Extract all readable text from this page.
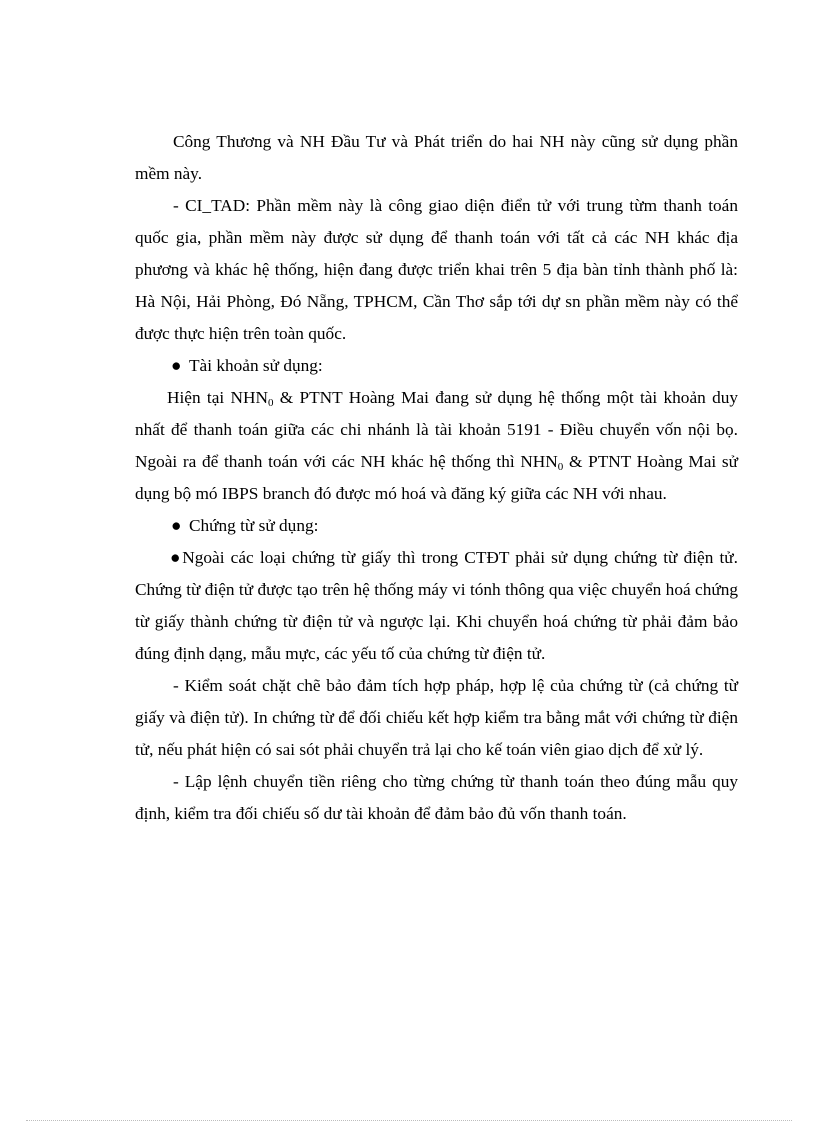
Công Thương và NH Đầu Tư và Phát triển do hai NH này cũng sử dụng phần mềm này.

- CI_TAD: Phần mềm này là công giao diện điển tử với trung từm thanh toán quốc gia, phần mềm này được sử dụng để thanh toán với tất cả các NH khác địa phương và khác hệ thống, hiện đang được triển khai trên 5 địa bàn tỉnh thành phố là: Hà Nội, Hải Phòng, Đó Nẵng, TPHCM, Cần Thơ sắp tới dự sn phần mềm này có thể được thực hiện trên toàn quốc.

● Tài khoản sử dụng:

Hiện tại $NHN_0$ & PTNT Hoàng Mai đang sử dụng hệ thống một tài khoản duy nhất để thanh toán giữa các chi nhánh là tài khoản 5191 - Điều chuyển vốn nội bọ. Ngoài ra để thanh toán với các NH khác hệ thống thì $NHN_0$ & PTNT Hoàng Mai sử dụng bộ mó IBPS branch đó được mó hoá và đăng ký giữa các NH với nhau.

● Chứng từ sử dụng:

●Ngoài các loại chứng từ giấy thì trong CTĐT phải sử dụng chứng từ điện tử. Chứng từ điện tử được tạo trên hệ thống máy vi tónh thông qua việc chuyển hoá chứng từ giấy thành chứng từ điện tử và ngược lại. Khi chuyển hoá chứng từ phải đảm bảo đúng định dạng, mẫu mực, các yếu tố của chứng từ điện tử.

- Kiểm soát chặt chẽ bảo đảm tích hợp pháp, hợp lệ của chứng từ (cả chứng từ giấy và điện tử). In chứng từ để đối chiếu kết hợp kiểm tra bằng mắt với chứng từ điện tử, nếu phát hiện có sai sót phải chuyển trả lại cho kế toán viên giao dịch để xử lý.

- Lập lệnh chuyển tiền riêng cho từng chứng từ thanh toán theo đúng mẫu quy định, kiểm tra đối chiếu số dư tài khoản để đảm bảo đủ vốn thanh toán.
